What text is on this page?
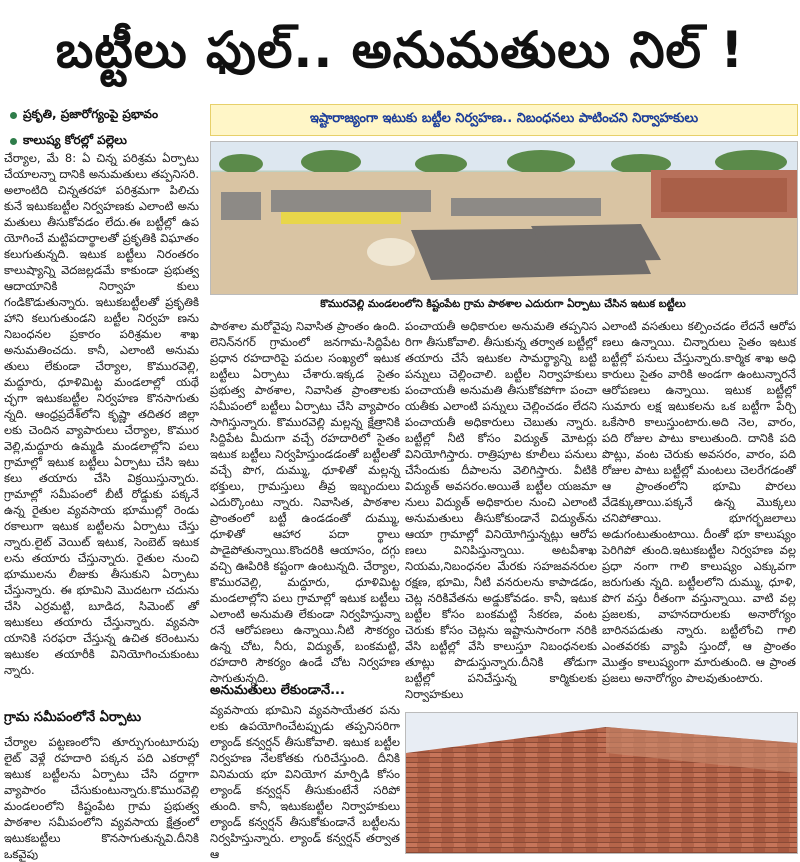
బట్టీలు ఫుల్.. అనుమతులు నిల్ !
ప్రకృతి, ప్రజారోగ్యంపై ప్రభావం
కాలుష్య కోరల్లో పల్లెలు
ఇష్టారాజ్యంగా ఇటుకు బట్టీల నిర్వహణ.. నిబంధనలు పాటించని నిర్వాహకులు

చేర్యాల, మే 8: ఏ చిన్న పరిశ్రమ ఏర్పాటు చేయాలన్నా దానికి అనుమతులు తప్పనిసరి. అలాంటిది చిన్నతరహా పరిశ్రమగా పిలిచు కునే ఇటుకబట్టీల నిర్వహణకు ఎలాంటి అను మతులు తీసుకోవడం లేదు.ఈ బట్టీల్లో ఉప యోగించే మట్టిపదార్థాలతో ప్రకృతికి విఘాతం కలుగుతున్నది. ఇటుక బట్టీలు నిరంతరం కాలుష్యాన్ని వెదజల్లడమే కాకుండా ప్రభుత్వ ఆదాయానికి నిర్వాహ కులు గండికొడుతున్నారు. ఇటుకబట్టీలతో ప్రకృతికి హాని కలుగుతుండని బట్టీల నిర్వహ ణను నిబంధనల ప్రకారం పరిశ్రమల శాఖ అనుమతించదు. కానీ, ఎలాంటి అనుమ తులు లేకుండా చేర్యాల, కొమురవెల్లి, మద్దూరు, ధూళిమిట్ట మండలాల్లో యథే చ్ఛగా ఇటుకబట్టీల నిర్వహణ కొనసాగుతు న్నది. ఆంధ్రప్రదేశ్‌లోని కృష్ణా తదితర జిల్లా లకు చెందిన వ్యాపారులు చేర్యాల, కొముర వెల్లి,మద్దూరు ఉమ్మడి మండలాల్లోని పలు గ్రామాల్లో ఇటుక బట్టీలు ఏర్పాటు చేసి ఇటు కలు తయారు చేసి విక్రయిస్తున్నారు. గ్రామాల్లో సమీపంలో బీటీ రోడ్డుకు పక్కనే ఉన్న రైతుల వ్యవసాయ భూముల్లో రెండు రకాలుగా ఇటుక బట్టీలను ఏర్పాటు చేస్తు న్నారు.లైట్ వెయిట్ ఇటుక, సెంబెట్ ఇటుక లను తయారు చేస్తున్నారు. రైతుల నుంచి భూములను లీజుకు తీసుకుని ఏర్పాటు చేస్తున్నారు. ఈ భూమిని మొదటగా చదును చేసి ఎర్రమట్టి, బూడిద, సిమెంట్ తో ఇటుకలు తయారు చేస్తున్నారు. వ్యవసా యానికి సరఫరా చేస్తున్న ఉచిత కరెంటును ఇటుకల తయారీకి వినియోగించుకుంటు న్నారు.

గ్రామ సమీపంలోనే ఏర్పాటు

చేర్యాల పట్టణంలోని తూర్పుగుంటూరుపు లైట్ వెళ్లే రహదారి పక్కన పది ఎకరాల్లో ఇటుక బట్టీలను ఏర్పాటు చేసి దర్జాగా వ్యాపారం చేసుకుంటున్నారు.కొమురవెల్లి మండలంలోని కిష్టంపేట గ్రామ ప్రభుత్వ పాఠశాల సమీపంలోని వ్యవసాయ క్షేత్రంలో ఇటుకబట్టీలు కొనసాగుతున్నవి.దీనికి ఒకవైపు

కొమురవెల్లి మండలంలోని కిష్టంపేట గ్రామ పాఠశాల ఎదురుగా ఏర్పాటు చేసిన ఇటుక బట్టీలు

పాఠశాల మరోవైపు నివాసిత ప్రాంతం ఉంది. లెనిన్‌నగర్ గ్రామంలో జనగామ-సిద్దిపేట ప్రధాన రహదారిపై పదుల సంఖ్యలో ఇటుక బట్టీలు ఏర్పాటు చేశారు.ఇక్కడ సైతం ప్రభుత్వ పాఠశాల, నివాసిత ప్రాంతాలకు సమీపంలో బట్టీలు ఏర్పాటు చేసి వ్యాపారం సాగిస్తున్నారు. కొమురవెల్లి మల్లన్న క్షేత్రానికి సిద్దిపేట మీదుగా వచ్చే రహదారిలో సైతం ఇటుక బట్టీలు నిర్వహిస్తుండడంతో బట్టీలతో వచ్చే పొగ, దుమ్ము, ధూళితో మల్లన్న భక్తులు, గ్రామస్తులు తీవ్ర ఇబ్బందులు ఎదుర్కొంటు న్నారు. నివాసిత, పాఠశాల ప్రాంతంలో బట్టీ ఉండడంతో దుమ్ము, ధూళితో ఆహార పదా ర్థాలు పాడైపోతున్నాయి.కొందరికి ఆయాసం, దగ్గు వచ్చి ఊపిరికి కష్టంగా ఉంటున్నది. చేర్యాల, కొమురవెల్లి, మద్దూరు, ధూళిమిట్ట మండలాల్లోని పలు గ్రామాల్లో ఇటుక బట్టీలు ఎలాంటి అనుమతి లేకుండా నిర్వహిస్తున్నా రనే ఆరోపణలు ఉన్నాయి.నీటి సౌకర్యం ఉన్న చోట, నీరు, విద్యుత్, బంకమట్టి, రహదారి సౌకర్యం ఉండే చోట నిర్వహణ సాగుతున్నది.

అనుమతులు లేకుండానే...

వ్యవసాయ భూమిని వ్యవసాయేతర పను లకు ఉపయోగించేటప్పుడు తప్పనిసరిగా ల్యాండ్ కన్వర్షన్ తీసుకోవాలి. ఇటుక బట్టీల నిర్వహణ నేలకోతకు గురిచేస్తుంది. దీనికి వినిమయ భూ వినియోగ మార్పిడి కోసం ల్యాండ్ కన్వర్షన్ తీసుకుంటేనే సరిపో తుంది. కానీ, ఇటుకబట్టీల నిర్వాహకులు ల్యాండ్ కన్వర్షన్ తీసుకోకుండానే బట్టీలను నిర్వహిస్తున్నారు. ల్యాండ్ కన్వర్షన్ తర్వాత ఆ

పంచాయతీ అధికారుల అనుమతి తప్పనిస రిగా తీసుకోవాలి. తీసుకున్న తర్వాత బట్టీల్లో తయారు చేసే ఇటుకల సామర్థ్యాన్ని బట్టి పన్నులు చెల్లించాలి. బట్టీల నిర్వాహకులు పంచాయతీ అనుమతి తీసుకోకపోగా పంచా యతీకు ఎలాంటి పన్నులు చెల్లించడం లేదని పంచాయతీ అధికారులు చెబుతు న్నారు. బట్టీల్లో నీటి కోసం విద్యుత్ మోటర్లు వినియోగిస్తారు. రాత్రిపూట కూలీలు పనులు చేసేందుకు దీపాలను వెలిగిస్తారు. వీటికి విద్యుత్ అవసరం.అయితే బట్టీల యజమా నులు విద్యుత్ అధికారుల నుంచి ఎలాంటి అనుమతులు తీసుకోకుండానే విద్యుత్‌ను ఆయా గ్రామాల్లో వినియోగిస్తున్నట్లు ఆరోప ణలు వినిపిస్తున్నాయి. అటవీశాఖ నియమ,నిబంధనల మేరకు సహజవనరుల రక్షణ, భూమి, నీటి వనరులను కాపాడడం, చెట్ల నరికివేతను అడ్డుకోవడం. కానీ, ఇటుక బట్టీల కోసం బంకమట్టి సేకరణ, వంట చెరుకు కోసం చెట్లను ఇష్టానుసారంగా నరికి వేసి బట్టీల్లో వేసి కాలుస్తూ నిబంధనలకు తూట్లు పొడుస్తున్నారు.దీనికి తోడుగా బట్టీల్లో పనిచేస్తున్న కార్మికులకు నిర్వాహకులు

ఎలాంటి వసతులు కల్పించడం లేదనే ఆరోప ణలు ఉన్నాయి. చిన్నారులు సైతం ఇటుక బట్టీల్లో పనులు చేస్తున్నారు.కార్మిక శాఖ అధి కారులు సైతం వారికి అండగా ఉంటున్నారనే ఆరోపణలు ఉన్నాయి. ఇటుక బట్టీల్లో సుమారు లక్ష ఇటుకలను ఒక బట్టీగా పేర్చి ఒకేసారి కాలుస్తుంటారు.అది నెల, వారం, పది రోజుల పాటు కాలుతుంది. దానికి పది పొట్లు, వంట చెరుకు అవసరం, వారం, పది రోజుల పాటు బట్టీల్లో మంటలు చెలరేగడంతో ఆ ప్రాంతంలోని భూమి పొరలు వేడెక్కుతాయి.పక్కనే ఉన్న మొక్కలు చనిపోతాయి. భూగర్భజలాలు అడుగంటుతుంటాయి. దీంతో భూ కాలుష్యం పెరిగిపో తుంది.ఇటుకబట్టీల నిర్వహణ వల్ల ప్రధా నంగా గాలి కాలుష్యం ఎక్కువగా జరుగుతు న్నది. బట్టీలలోని దుమ్ము, ధూళి, పొగ వస్తు రీతంగా వస్తున్నాయి. వాటి వల్ల ప్రజలకు, వాహనదారులకు అనారోగ్యం బారినపడుతు న్నారు. బట్టీలోంచి గాలి ఎంతవరకు వ్యాపి స్తుందో, ఆ ప్రాంతం మొత్తం కాలుష్యంగా మారుతుంది. ఆ ప్రాంత ప్రజలు అనారోగ్యం పాలవుతుంటారు.
